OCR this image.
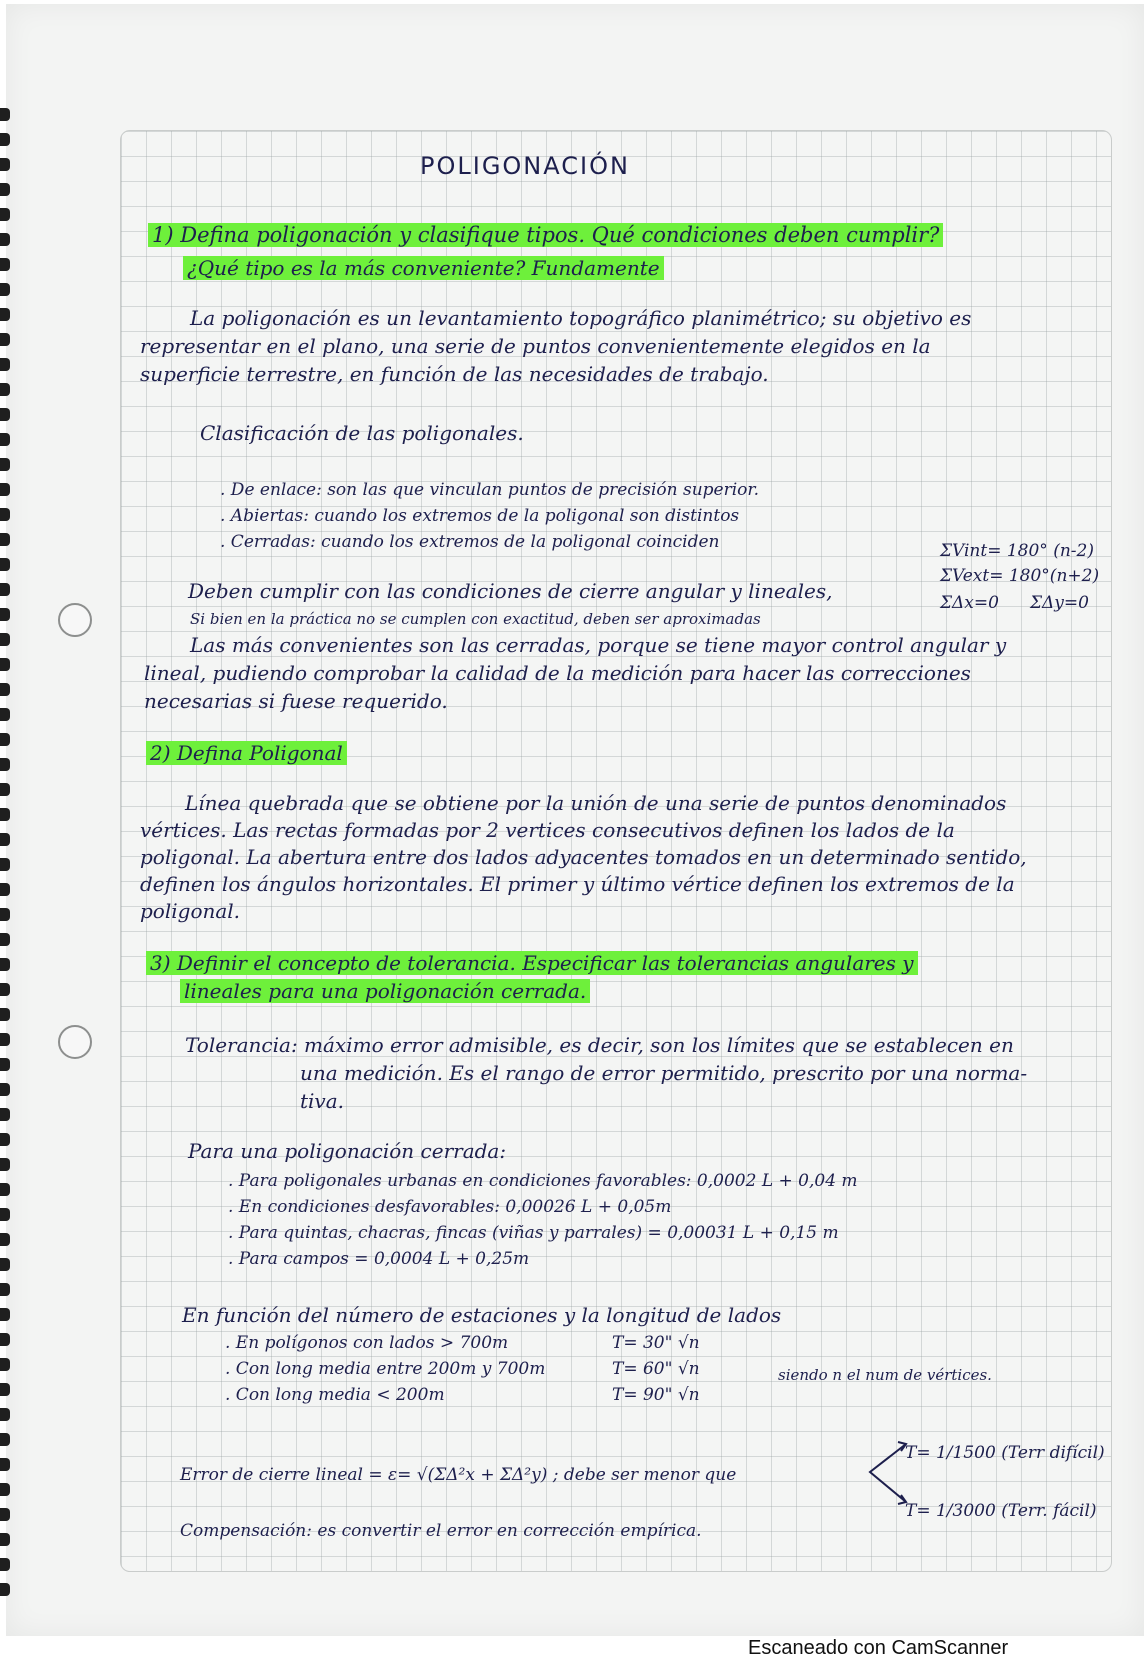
POLIGONACIÓN

1) Defina poligonación y clasifique tipos. Qué condiciones deben cumplir?

¿Qué tipo es la más conveniente? Fundamente

La poligonación es un levantamiento topográfico planimétrico; su objetivo es

representar en el plano, una serie de puntos convenientemente elegidos en la

superficie terrestre, en función de las necesidades de trabajo.

Clasificación de las poligonales.

. De enlace: son las que vinculan puntos de precisión superior.

. Abiertas: cuando los extremos de la poligonal son distintos

. Cerradas: cuando los extremos de la poligonal coinciden	ΣVint= 180° (n-2)

ΣVext= 180°(n+2)

ΣΔx=0 ΣΔy=0

Deben cumplir con las condiciones de cierre angular y lineales,

Si bien en la práctica no se cumplen con exactitud, deben ser aproximadas

Las más convenientes son las cerradas, porque se tiene mayor control angular y

lineal, pudiendo comprobar la calidad de la medición para hacer las correcciones

necesarias si fuese requerido.

2) Defina Poligonal

Línea quebrada que se obtiene por la unión de una serie de puntos denominados

vértices. Las rectas formadas por 2 vertices consecutivos definen los lados de la

poligonal. La abertura entre dos lados adyacentes tomados en un determinado sentido,

definen los ángulos horizontales. El primer y último vértice definen los extremos de la

poligonal.

3) Definir el concepto de tolerancia. Especificar las tolerancias angulares y

lineales para una poligonación cerrada.

Tolerancia: máximo error admisible, es decir, son los límites que se establecen en

una medición. Es el rango de error permitido, prescrito por una norma-

tiva.

Para una poligonación cerrada:

. Para poligonales urbanas en condiciones favorables: 0,0002 L + 0,04 m

. En condiciones desfavorables: 0,00026 L + 0,05m

. Para quintas, chacras, fincas (viñas y parrales) = 0,00031 L + 0,15 m

. Para campos = 0,0004 L + 0,25m

En función del número de estaciones y la longitud de lados

. En polígonos con lados > 700m	T= 30" √n

. Con long media entre 200m y 700m	T= 60" √n

. Con long media < 200m	T= 90" √n

siendo n el num de vértices.

Error de cierre lineal = ε= √(ΣΔ²x + ΣΔ²y) ; debe ser menor que

T= 1/1500 (Terr difícil)

T= 1/3000 (Terr. fácil)

Compensación: es convertir el error en corrección empírica.

Escaneado con CamScanner
